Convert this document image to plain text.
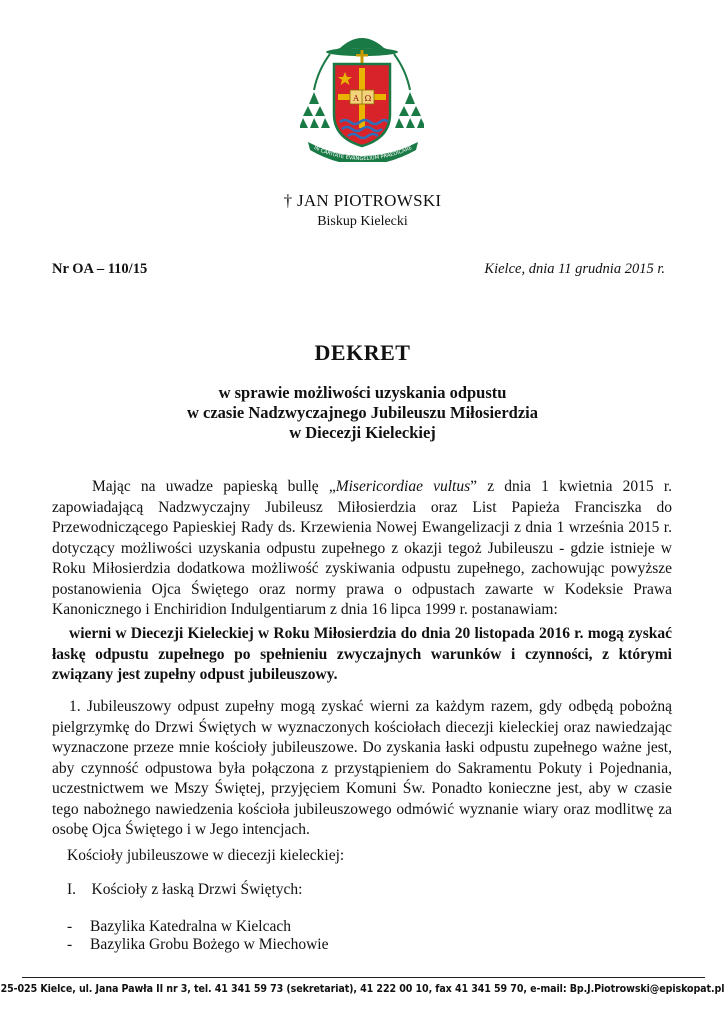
A Ω
IN CARITATE EVANGELIUM PRAEDICARE
† JAN PIOTROWSKI
Biskup Kielecki
Nr OA – 110/15	Kielce, dnia 11 grudnia 2015 r.
DEKRET
w sprawie możliwości uzyskania odpustu
w czasie Nadzwyczajnego Jubileuszu Miłosierdzia
w Diecezji Kieleckiej
Mając na uwadze papieską bullę „Misericordiae vultus” z dnia 1 kwietnia 2015 r. zapowiadającą Nadzwyczajny Jubileusz Miłosierdzia oraz List Papieża Franciszka do Przewodniczącego Papieskiej Rady ds. Krzewienia Nowej Ewangelizacji z dnia 1 września 2015 r. dotyczący możliwości uzyskania odpustu zupełnego z okazji tegoż Jubileuszu - gdzie istnieje w Roku Miłosierdzia dodatkowa możliwość zyskiwania odpustu zupełnego, zachowując powyższe postanowienia Ojca Świętego oraz normy prawa o odpustach zawarte w Kodeksie Prawa Kanonicznego i Enchiridion Indulgentiarum z dnia 16 lipca 1999 r. postanawiam:
wierni w Diecezji Kieleckiej w Roku Miłosierdzia do dnia 20 listopada 2016 r. mogą zyskać łaskę odpustu zupełnego po spełnieniu zwyczajnych warunków i czynności, z którymi związany jest zupełny odpust jubileuszowy.
1. Jubileuszowy odpust zupełny mogą zyskać wierni za każdym razem, gdy odbędą pobożną pielgrzymkę do Drzwi Świętych w wyznaczonych kościołach diecezji kieleckiej oraz nawiedzając wyznaczone przeze mnie kościoły jubileuszowe. Do zyskania łaski odpustu zupełnego ważne jest, aby czynność odpustowa była połączona z przystąpieniem do Sakramentu Pokuty i Pojednania, uczestnictwem we Mszy Świętej, przyjęciem Komuni Św. Ponadto konieczne jest, aby w czasie tego nabożnego nawiedzenia kościoła jubileuszowego odmówić wyznanie wiary oraz modlitwę za osobę Ojca Świętego i w Jego intencjach.
Kościoły jubileuszowe w diecezji kieleckiej:
I.    Kościoły z łaską Drzwi Świętych:
- Bazylika Katedralna w Kielcach
- Bazylika Grobu Bożego w Miechowie
25-025 Kielce, ul. Jana Pawła II nr 3, tel. 41 341 59 73 (sekretariat), 41 222 00 10, fax 41 341 59 70, e-mail: Bp.J.Piotrowski@episkopat.pl
